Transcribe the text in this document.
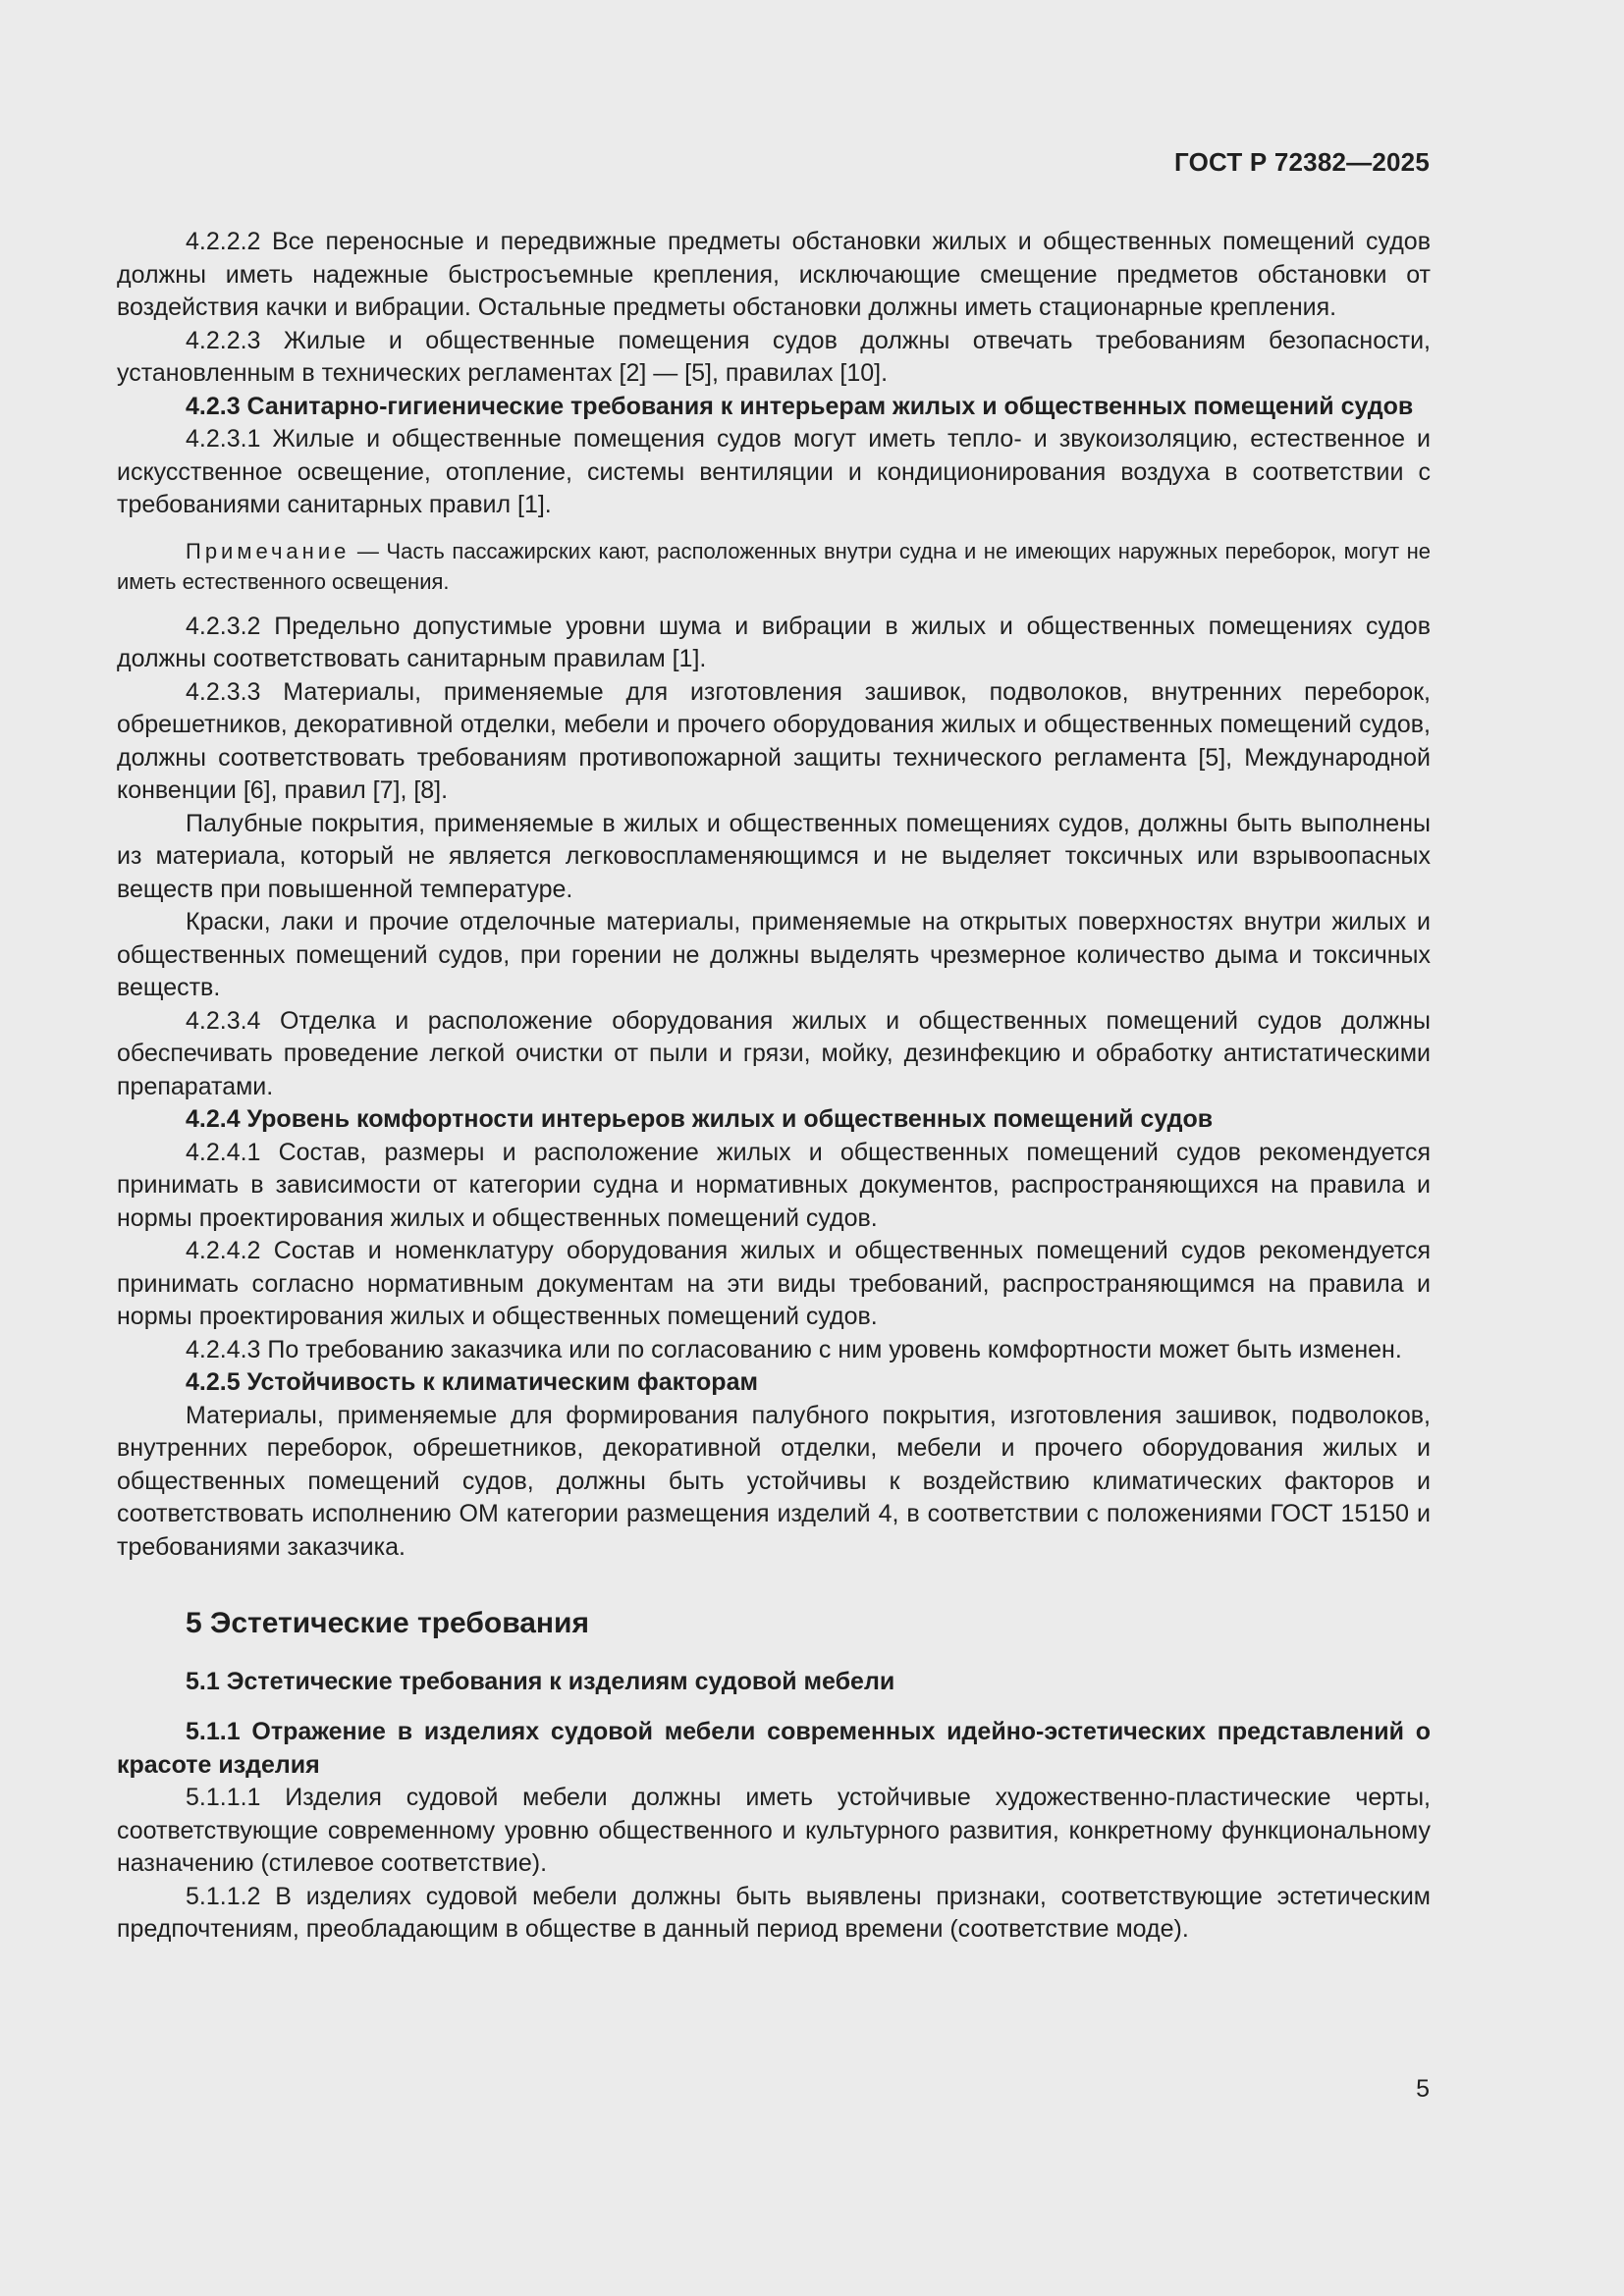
ГОСТ Р 72382—2025

4.2.2.2 Все переносные и передвижные предметы обстановки жилых и общественных помещений судов должны иметь надежные быстросъемные крепления, исключающие смещение предметов обстановки от воздействия качки и вибрации. Остальные предметы обстановки должны иметь стационарные крепления.

4.2.2.3 Жилые и общественные помещения судов должны отвечать требованиям безопасности, установленным в технических регламентах [2] — [5], правилах [10].

4.2.3 Санитарно-гигиенические требования к интерьерам жилых и общественных помещений судов

4.2.3.1 Жилые и общественные помещения судов могут иметь тепло- и звукоизоляцию, естественное и искусственное освещение, отопление, системы вентиляции и кондиционирования воздуха в соответствии с требованиями санитарных правил [1].

Примечание — Часть пассажирских кают, расположенных внутри судна и не имеющих наружных переборок, могут не иметь естественного освещения.

4.2.3.2 Предельно допустимые уровни шума и вибрации в жилых и общественных помещениях судов должны соответствовать санитарным правилам [1].

4.2.3.3 Материалы, применяемые для изготовления зашивок, подволоков, внутренних переборок, обрешетников, декоративной отделки, мебели и прочего оборудования жилых и общественных помещений судов, должны соответствовать требованиям противопожарной защиты технического регламента [5], Международной конвенции [6], правил [7], [8].

Палубные покрытия, применяемые в жилых и общественных помещениях судов, должны быть выполнены из материала, который не является легковоспламеняющимся и не выделяет токсичных или взрывоопасных веществ при повышенной температуре.

Краски, лаки и прочие отделочные материалы, применяемые на открытых поверхностях внутри жилых и общественных помещений судов, при горении не должны выделять чрезмерное количество дыма и токсичных веществ.

4.2.3.4 Отделка и расположение оборудования жилых и общественных помещений судов должны обеспечивать проведение легкой очистки от пыли и грязи, мойку, дезинфекцию и обработку антистатическими препаратами.

4.2.4 Уровень комфортности интерьеров жилых и общественных помещений судов

4.2.4.1 Состав, размеры и расположение жилых и общественных помещений судов рекомендуется принимать в зависимости от категории судна и нормативных документов, распространяющихся на правила и нормы проектирования жилых и общественных помещений судов.

4.2.4.2 Состав и номенклатуру оборудования жилых и общественных помещений судов рекомендуется принимать согласно нормативным документам на эти виды требований, распространяющимся на правила и нормы проектирования жилых и общественных помещений судов.

4.2.4.3 По требованию заказчика или по согласованию с ним уровень комфортности может быть изменен.

4.2.5 Устойчивость к климатическим факторам

Материалы, применяемые для формирования палубного покрытия, изготовления зашивок, подволоков, внутренних переборок, обрешетников, декоративной отделки, мебели и прочего оборудования жилых и общественных помещений судов, должны быть устойчивы к воздействию климатических факторов и соответствовать исполнению ОМ категории размещения изделий 4, в соответствии с положениями ГОСТ 15150 и требованиями заказчика.

5 Эстетические требования
5.1 Эстетические требования к изделиям судовой мебели

5.1.1 Отражение в изделиях судовой мебели современных идейно-эстетических представлений о красоте изделия

5.1.1.1 Изделия судовой мебели должны иметь устойчивые художественно-пластические черты, соответствующие современному уровню общественного и культурного развития, конкретному функциональному назначению (стилевое соответствие).

5.1.1.2 В изделиях судовой мебели должны быть выявлены признаки, соответствующие эстетическим предпочтениям, преобладающим в обществе в данный период времени (соответствие моде).

5
